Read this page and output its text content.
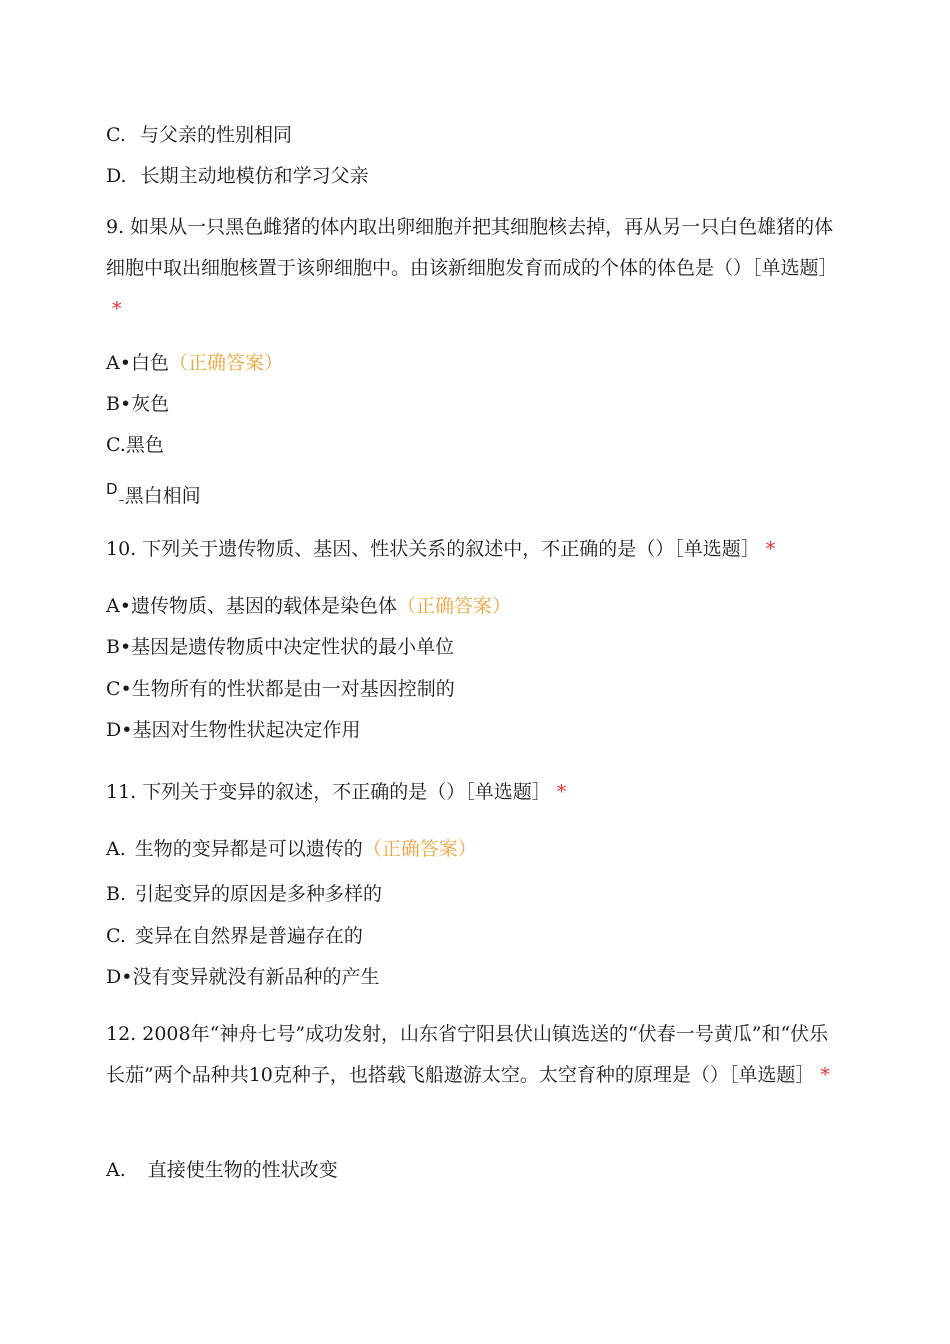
C. 与父亲的性别相同
D. 长期主动地模仿和学习父亲
9. 如果从一只黑色雌猪的体内取出卵细胞并把其细胞核去掉，再从另一只白色雄猪的体细胞中取出细胞核置于该卵细胞中。由该新细胞发育而成的个体的体色是（）［单选题］*
A•白色（正确答案）
B•灰色
C.黑色
$^D$–黑白相间
10. 下列关于遗传物质、基因、性状关系的叙述中，不正确的是（）［单选题］ *
A•遗传物质、基因的载体是染色体（正确答案）
B•基因是遗传物质中决定性状的最小单位
C•生物所有的性状都是由一对基因控制的
D•基因对生物性状起决定作用
11. 下列关于变异的叙述，不正确的是（）［单选题］ *
A. 生物的变异都是可以遗传的（正确答案）
B. 引起变异的原因是多种多样的
C. 变异在自然界是普遍存在的
D•没有变异就没有新品种的产生
12. 2008年“神舟七号”成功发射，山东省宁阳县伏山镇选送的“伏春一号黄瓜”和“伏乐长茄”两个品种共10克种子，也搭载飞船遨游太空。太空育种的原理是（）［单选题］ *
A. 直接使生物的性状改变
